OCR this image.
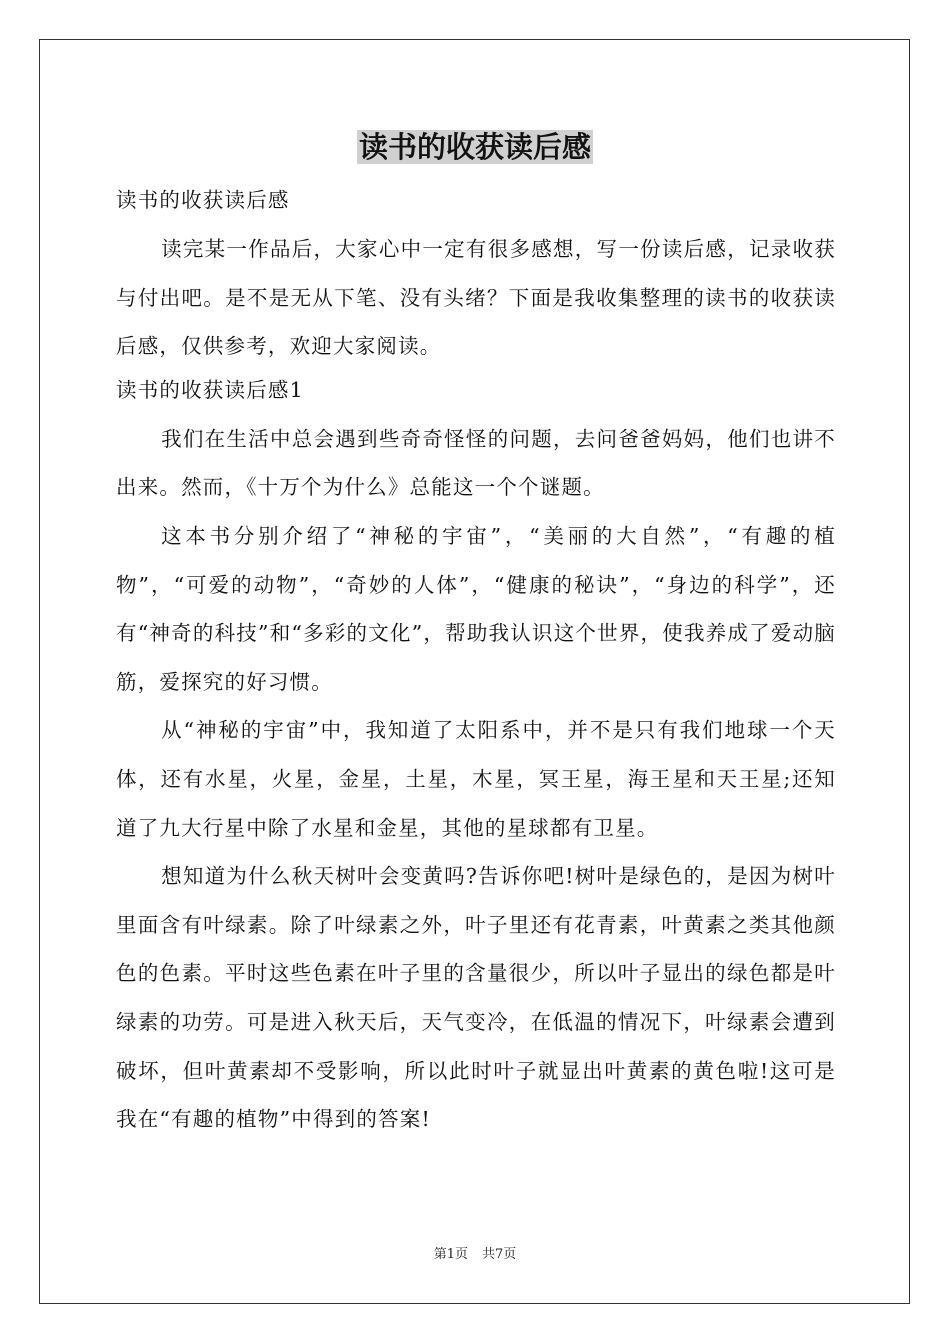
读书的收获读后感

读书的收获读后感

读完某一作品后，大家心中一定有很多感想，写一份读后感，记录收获与付出吧。是不是无从下笔、没有头绪？下面是我收集整理的读书的收获读后感，仅供参考，欢迎大家阅读。

读书的收获读后感1

我们在生活中总会遇到些奇奇怪怪的问题，去问爸爸妈妈，他们也讲不出来。然而，《十万个为什么》总能这一个个谜题。

这本书分别介绍了“神秘的宇宙”，“美丽的大自然”，“有趣的植物”，“可爱的动物”，“奇妙的人体”，“健康的秘诀”，“身边的科学”，还有“神奇的科技”和“多彩的文化”，帮助我认识这个世界，使我养成了爱动脑筋，爱探究的好习惯。

从“神秘的宇宙”中，我知道了太阳系中，并不是只有我们地球一个天体，还有水星，火星，金星，土星，木星，冥王星，海王星和天王星;还知道了九大行星中除了水星和金星，其他的星球都有卫星。

想知道为什么秋天树叶会变黄吗?告诉你吧!树叶是绿色的，是因为树叶里面含有叶绿素。除了叶绿素之外，叶子里还有花青素，叶黄素之类其他颜色的色素。平时这些色素在叶子里的含量很少，所以叶子显出的绿色都是叶绿素的功劳。可是进入秋天后，天气变冷，在低温的情况下，叶绿素会遭到破坏，但叶黄素却不受影响，所以此时叶子就显出叶黄素的黄色啦!这可是我在“有趣的植物”中得到的答案!

第1页 共7页
